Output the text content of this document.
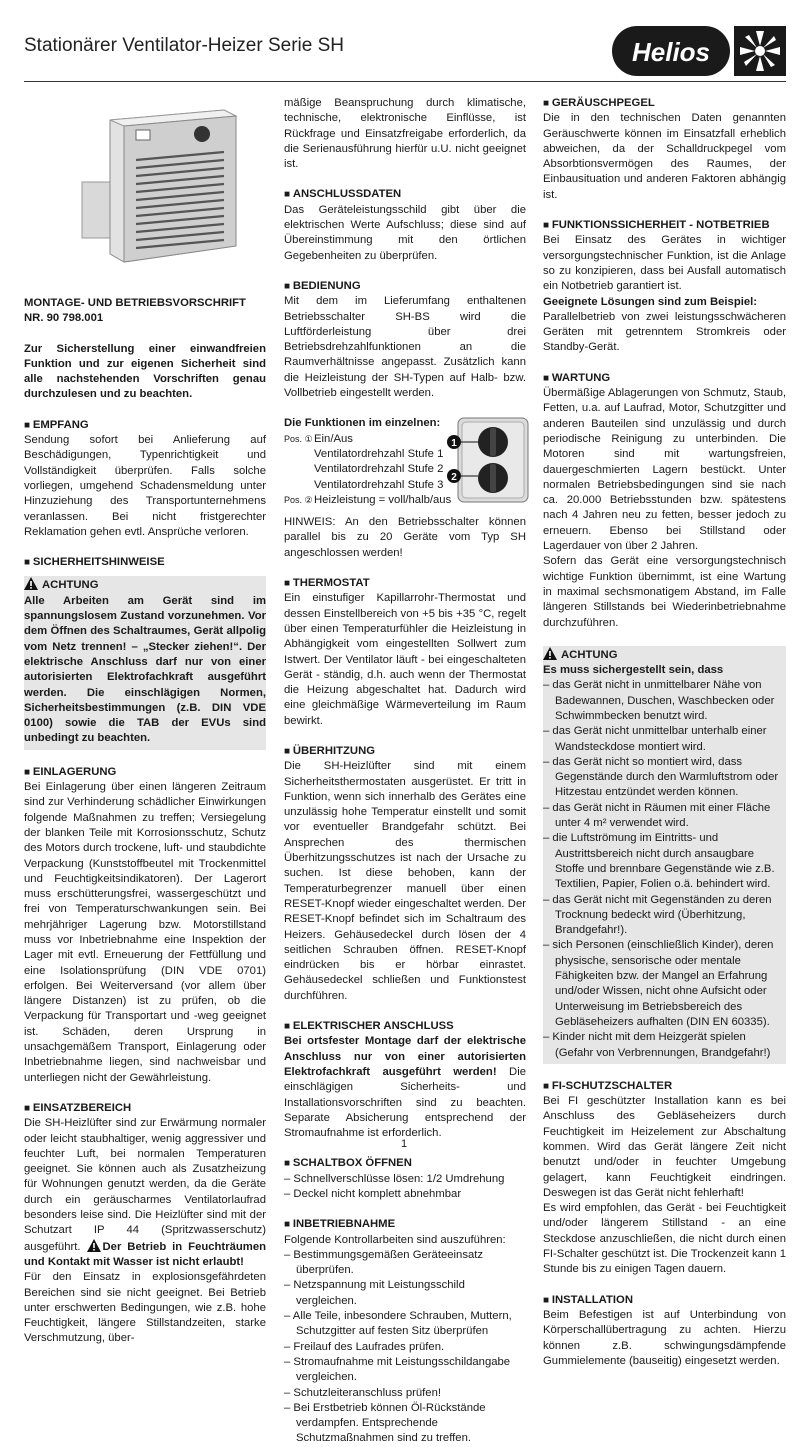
Stationärer Ventilator-Heizer Serie SH	Helios

MONTAGE- UND BETRIEBSVORSCHRIFT

NR. 90 798.001

Zur Sicherstellung einer einwandfreien Funktion und zur eigenen Sicherheit sind alle nachstehenden Vorschriften genau durchzulesen und zu beachten.

■ EMPFANG

Sendung sofort bei Anlieferung auf Beschädigungen, Typenrichtigkeit und Vollständigkeit überprüfen. Falls solche vorliegen, umgehend Schadensmeldung unter Hinzuziehung des Transportunternehmens veranlassen. Bei nicht fristgerechter Reklamation gehen evtl. Ansprüche verloren.

■ SICHERHEITSHINWEISE

ACHTUNG

Alle Arbeiten am Gerät sind im spannungslosem Zustand vorzunehmen. Vor dem Öffnen des Schaltraumes, Gerät allpolig vom Netz trennen! – „Stecker ziehen!“. Der elektrische Anschluss darf nur von einer autorisierten Elektrofachkraft ausgeführt werden. Die einschlägigen Normen, Sicherheitsbestimmungen (z.B. DIN VDE 0100) sowie die TAB der EVUs sind unbedingt zu beachten.

■ EINLAGERUNG

Bei Einlagerung über einen längeren Zeitraum sind zur Verhinderung schädlicher Einwirkungen folgende Maßnahmen zu treffen; Versiegelung der blanken Teile mit Korrosionsschutz, Schutz des Motors durch trockene, luft- und staubdichte Verpackung (Kunststoffbeutel mit Trockenmittel und Feuchtigkeitsindikatoren). Der Lagerort muss erschütterungsfrei, wassergeschützt und frei von Temperaturschwankungen sein. Bei mehrjähriger Lagerung bzw. Motorstillstand muss vor Inbetriebnahme eine Inspektion der Lager mit evtl. Erneuerung der Fettfüllung und eine Isolationsprüfung (DIN VDE 0701) erfolgen. Bei Weiterversand (vor allem über längere Distanzen) ist zu prüfen, ob die Verpackung für Transportart und -weg geeignet ist. Schäden, deren Ursprung in unsachgemäßem Transport, Einlagerung oder Inbetriebnahme liegen, sind nachweisbar und unterliegen nicht der Gewährleistung.

■ EINSATZBEREICH

Die SH-Heizlüfter sind zur Erwärmung normaler oder leicht staubhaltiger, wenig aggressiver und feuchter Luft, bei normalen Temperaturen geeignet. Sie können auch als Zusatzheizung für Wohnungen genutzt werden, da die Geräte durch ein geräuscharmes Ventilatorlaufrad besonders leise sind. Die Heizlüfter sind mit der Schutzart IP 44 (Spritzwasserschutz) ausgeführt. Der Betrieb in Feuchträumen und Kontakt mit Wasser ist nicht erlaubt!

Für den Einsatz in explosionsgefährdeten Bereichen sind sie nicht geeignet. Bei Betrieb unter erschwerten Bedingungen, wie z.B. hohe Feuchtigkeit, längere Stillstandzeiten, starke Verschmutzung, über-

mäßige Beanspruchung durch klimatische, technische, elektronische Einflüsse, ist Rückfrage und Einsatzfreigabe erforderlich, da die Serienausführung hierfür u.U. nicht geeignet ist.

■ ANSCHLUSSDATEN

Das Geräteleistungsschild gibt über die elektrischen Werte Aufschluss; diese sind auf Übereinstimmung mit den örtlichen Gegebenheiten zu überprüfen.

■ BEDIENUNG

Mit dem im Lieferumfang enthaltenen Betriebsschalter SH-BS wird die Luftförderleistung über drei Betriebsdrehzahlfunktionen an die Raumverhältnisse angepasst. Zusätzlich kann die Heizleistung der SH-Typen auf Halb- bzw. Vollbetrieb eingestellt werden.

Die Funktionen im einzelnen:

Pos. ① Ein/Aus
Ventilatordrehzahl Stufe 1
Ventilatordrehzahl Stufe 2
Ventilatordrehzahl Stufe 3
Pos. ② Heizleistung = voll/halb/aus
1
2

HINWEIS: An den Betriebsschalter können parallel bis zu 20 Geräte vom Typ SH angeschlossen werden!

■ THERMOSTAT

Ein einstufiger Kapillarrohr-Thermostat und dessen Einstellbereich von +5 bis +35 °C, regelt über einen Temperaturfühler die Heizleistung in Abhängigkeit vom eingestellten Sollwert zum Istwert. Der Ventilator läuft - bei eingeschalteten Gerät - ständig, d.h. auch wenn der Thermostat die Heizung abgeschaltet hat. Dadurch wird eine gleichmäßige Wärmeverteilung im Raum bewirkt.

■ ÜBERHITZUNG

Die SH-Heizlüfter sind mit einem Sicherheitsthermostaten ausgerüstet. Er tritt in Funktion, wenn sich innerhalb des Gerätes eine unzulässig hohe Temperatur einstellt und somit vor eventueller Brandgefahr schützt. Bei Ansprechen des thermischen Überhitzungsschutzes ist nach der Ursache zu suchen. Ist diese behoben, kann der Temperaturbegrenzer manuell über einen RESET-Knopf wieder eingeschaltet werden. Der RESET-Knopf befindet sich im Schaltraum des Heizers. Gehäusedeckel durch lösen der 4 seitlichen Schrauben öffnen. RESET-Knopf eindrücken bis er hörbar einrastet. Gehäusedeckel schließen und Funktionstest durchführen.

■ ELEKTRISCHER ANSCHLUSS

Bei ortsfester Montage darf der elektrische Anschluss nur von einer autorisierten Elektrofachkraft ausgeführt werden! Die einschlägigen Sicherheits- und Installationsvorschriften sind zu beachten. Separate Absicherung entsprechend der Stromaufnahme ist erforderlich.

■ SCHALTBOX ÖFFNEN

– Schnellverschlüsse lösen: 1/2 Umdrehung
– Deckel nicht komplett abnehmbar

■ INBETRIEBNAHME

Folgende Kontrollarbeiten sind auszuführen:

– Bestimmungsgemäßen Geräteeinsatz überprüfen.
– Netzspannung mit Leistungsschild vergleichen.
– Alle Teile, inbesondere Schrauben, Muttern, Schutzgitter auf festen Sitz überprüfen
– Freilauf des Laufrades prüfen.
– Stromaufnahme mit Leistungsschildangabe vergleichen.
– Schutzleiteranschluss prüfen!
– Bei Erstbetrieb können Öl-Rückstände verdampfen. Entsprechende Schutzmaßnahmen sind zu treffen.

■ GERÄUSCHPEGEL

Die in den technischen Daten genannten Geräuschwerte können im Einsatzfall erheblich abweichen, da der Schalldruckpegel vom Absorbtionsvermögen des Raumes, der Einbausituation und anderen Faktoren abhängig ist.

■ FUNKTIONSSICHERHEIT - NOTBETRIEB

Bei Einsatz des Gerätes in wichtiger versorgungstechnischer Funktion, ist die Anlage so zu konzipieren, dass bei Ausfall automatisch ein Notbetrieb garantiert ist.

Geeignete Lösungen sind zum Beispiel:

Parallelbetrieb von zwei leistungsschwächeren Geräten mit getrenntem Stromkreis oder Standby-Gerät.

■ WARTUNG

Übermäßige Ablagerungen von Schmutz, Staub, Fetten, u.a. auf Laufrad, Motor, Schutzgitter und anderen Bauteilen sind unzulässig und durch periodische Reinigung zu unterbinden. Die Motoren sind mit wartungsfreien, dauergeschmierten Lagern bestückt. Unter normalen Betriebsbedingungen sind sie nach ca. 20.000 Betriebsstunden bzw. spätestens nach 4 Jahren neu zu fetten, besser jedoch zu erneuern. Ebenso bei Stillstand oder Lagerdauer von über 2 Jahren.

Sofern das Gerät eine versorgungstechnisch wichtige Funktion übernimmt, ist eine Wartung in maximal sechsmonatigem Abstand, im Falle längeren Stillstands bei Wiederinbetriebnahme durchzuführen.

ACHTUNG

Es muss sichergestellt sein, dass

– das Gerät nicht in unmittelbarer Nähe von Badewannen, Duschen, Waschbecken oder Schwimmbecken benutzt wird.
– das Gerät nicht unmittelbar unterhalb einer Wandsteckdose montiert wird.
– das Gerät nicht so montiert wird, dass Gegenstände durch den Warmluftstrom oder Hitzestau entzündet werden können.
– das Gerät nicht in Räumen mit einer Fläche unter 4 m² verwendet wird.
– die Luftströmung im Eintritts- und Austrittsbereich nicht durch ansaugbare Stoffe und brennbare Gegenstände wie z.B. Textilien, Papier, Folien o.ä. behindert wird.
– das Gerät nicht mit Gegenständen zu deren Trocknung bedeckt wird (Überhitzung, Brandgefahr!).
– sich Personen (einschließlich Kinder), deren physische, sensorische oder mentale Fähigkeiten bzw. der Mangel an Erfahrung und/oder Wissen, nicht ohne Aufsicht oder Unterweisung im Betriebsbereich des Gebläseheizers aufhalten (DIN EN 60335).
– Kinder nicht mit dem Heizgerät spielen (Gefahr von Verbrennungen, Brandgefahr!)

■ FI-SCHUTZSCHALTER

Bei FI geschützter Installation kann es bei Anschluss des Gebläseheizers durch Feuchtigkeit im Heizelement zur Abschaltung kommen. Wird das Gerät längere Zeit nicht benutzt und/oder in feuchter Umgebung gelagert, kann Feuchtigkeit eindringen. Deswegen ist das Gerät nicht fehlerhaft!

Es wird empfohlen, das Gerät - bei Feuchtigkeit und/oder längerem Stillstand - an eine Steckdose anzuschließen, die nicht durch einen FI-Schalter geschützt ist. Die Trockenzeit kann 1 Stunde bis zu einigen Tagen dauern.

■ INSTALLATION

Beim Befestigen ist auf Unterbindung von Körperschallübertragung zu achten. Hierzu können z.B. schwingungsdämpfende Gummielemente (bauseitig) eingesetzt werden.

1
